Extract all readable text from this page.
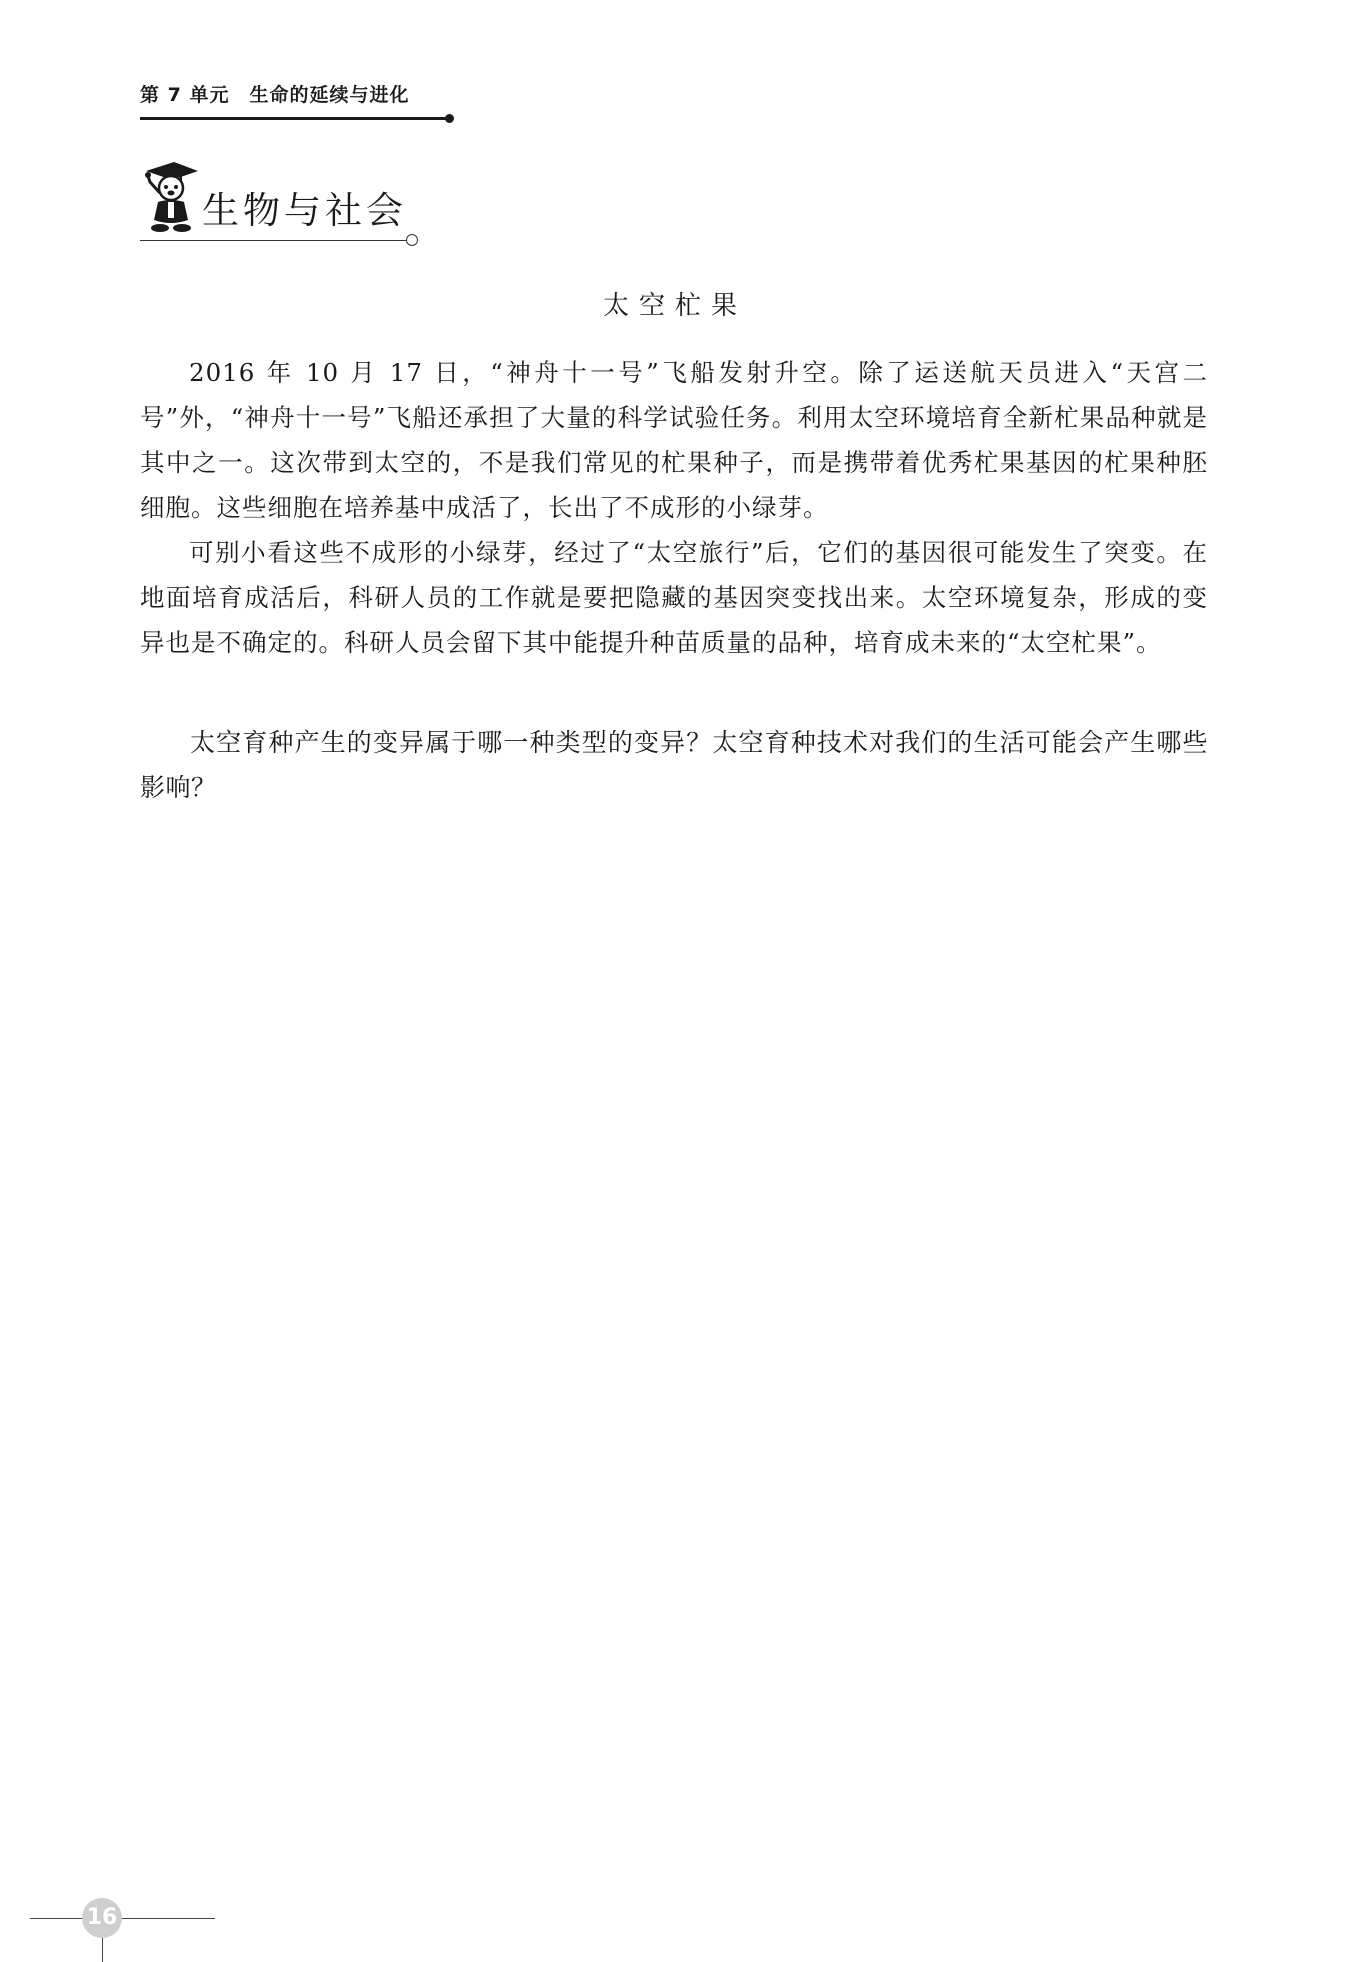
第 7 单元 生命的延续与进化
生物与社会
太空杧果

2016 年 10 月 17 日，“神舟十一号”飞船发射升空。除了运送航天员进入“天宫二号”外，“神舟十一号”飞船还承担了大量的科学试验任务。利用太空环境培育全新杧果品种就是其中之一。这次带到太空的，不是我们常见的杧果种子，而是携带着优秀杧果基因的杧果种胚细胞。这些细胞在培养基中成活了，长出了不成形的小绿芽。

可别小看这些不成形的小绿芽，经过了“太空旅行”后，它们的基因很可能发生了突变。在地面培育成活后，科研人员的工作就是要把隐藏的基因突变找出来。太空环境复杂，形成的变异也是不确定的。科研人员会留下其中能提升种苗质量的品种，培育成未来的“太空杧果”。

太空育种产生的变异属于哪一种类型的变异？太空育种技术对我们的生活可能会产生哪些影响？

16
